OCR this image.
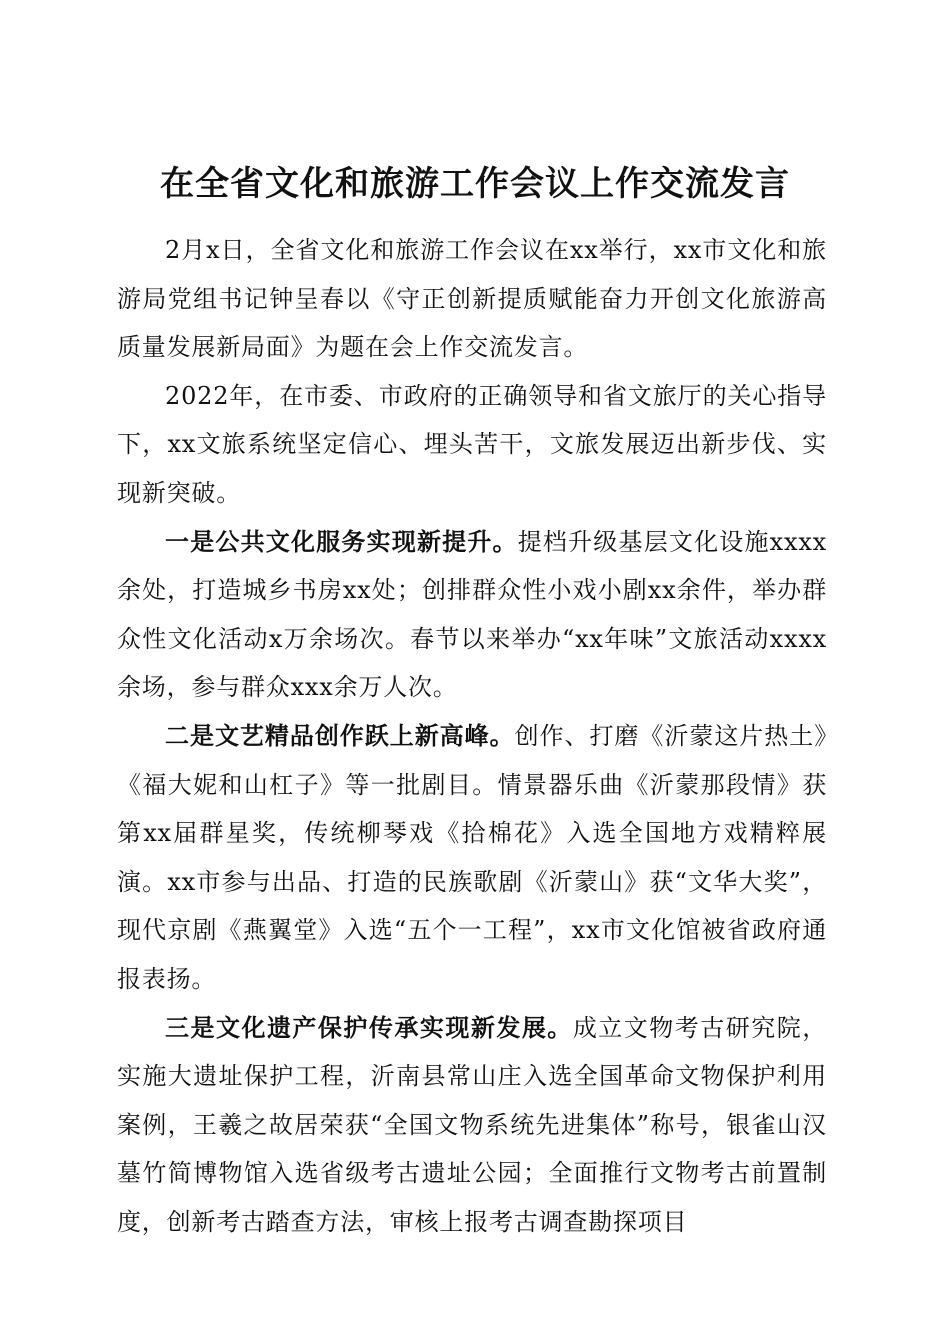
在全省文化和旅游工作会议上作交流发言

2月x日，全省文化和旅游工作会议在xx举行，xx市文化和旅游局党组书记钟呈春以《守正创新提质赋能奋力开创文化旅游高质量发展新局面》为题在会上作交流发言。

2022年，在市委、市政府的正确领导和省文旅厅的关心指导下，xx文旅系统坚定信心、埋头苦干，文旅发展迈出新步伐、实现新突破。

一是公共文化服务实现新提升。提档升级基层文化设施xxxx余处，打造城乡书房xx处；创排群众性小戏小剧xx余件，举办群众性文化活动x万余场次。春节以来举办“xx年味”文旅活动xxxx余场，参与群众xxx余万人次。

二是文艺精品创作跃上新高峰。创作、打磨《沂蒙这片热土》《福大妮和山杠子》等一批剧目。情景器乐曲《沂蒙那段情》获第xx届群星奖，传统柳琴戏《拾棉花》入选全国地方戏精粹展演。xx市参与出品、打造的民族歌剧《沂蒙山》获“文华大奖”，现代京剧《燕翼堂》入选“五个一工程”，xx市文化馆被省政府通报表扬。

三是文化遗产保护传承实现新发展。成立文物考古研究院，实施大遗址保护工程，沂南县常山庄入选全国革命文物保护利用案例，王羲之故居荣获“全国文物系统先进集体”称号，银雀山汉墓竹简博物馆入选省级考古遗址公园；全面推行文物考古前置制度，创新考古踏查方法，审核上报考古调查勘探项目
